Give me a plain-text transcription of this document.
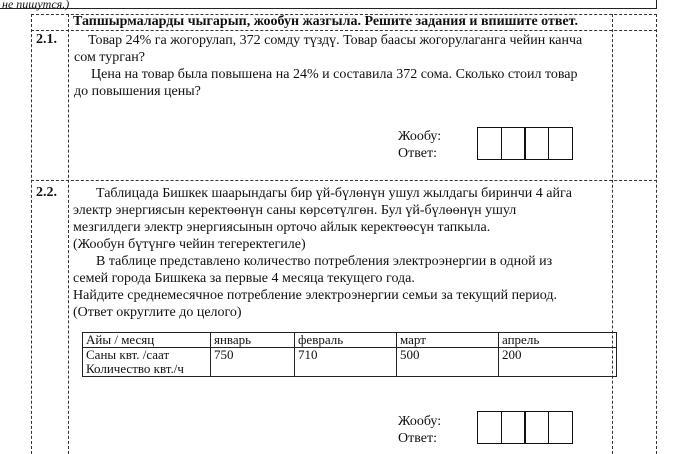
не пишутся.)
Тапшырмаларды чыгарып, жообун жазгыла. Решите задания и впишите ответ.
2.1.	Товар 24% га жогорулап, 372 сомду түздү. Товар баасы жогорулаганга чейин канча
сом турган?
Цена на товар была повышена на 24% и составила 372 сома. Сколько стоил товар
до повышения цены?
Жообу:
Ответ:
2.2.	Таблицада Бишкек шаарындагы бир үй-бүлөнүн ушул жылдагы биринчи 4 айга
электр энергиясын керектөөнүн саны көрсөтүлгөн. Бул үй-бүлөөнүн ушул
мезгилдеги электр энергиясынын орточо айлык керектөөсүн тапкыла.
(Жообун бүтүнгө чейин тегеректегиле)
В таблице представлено количество потребления электроэнергии в одной из
семей города Бишкека за первые 4 месяца текущего года.
Найдите среднемесячное потребление электроэнергии семьи за текущий период.
(Ответ округлите до целого)
Айы / месяц	январь	февраль	март	апрель

Саны квт. /саат
Количество квт./ч	750	710	500	200
Жообу:
Ответ:
